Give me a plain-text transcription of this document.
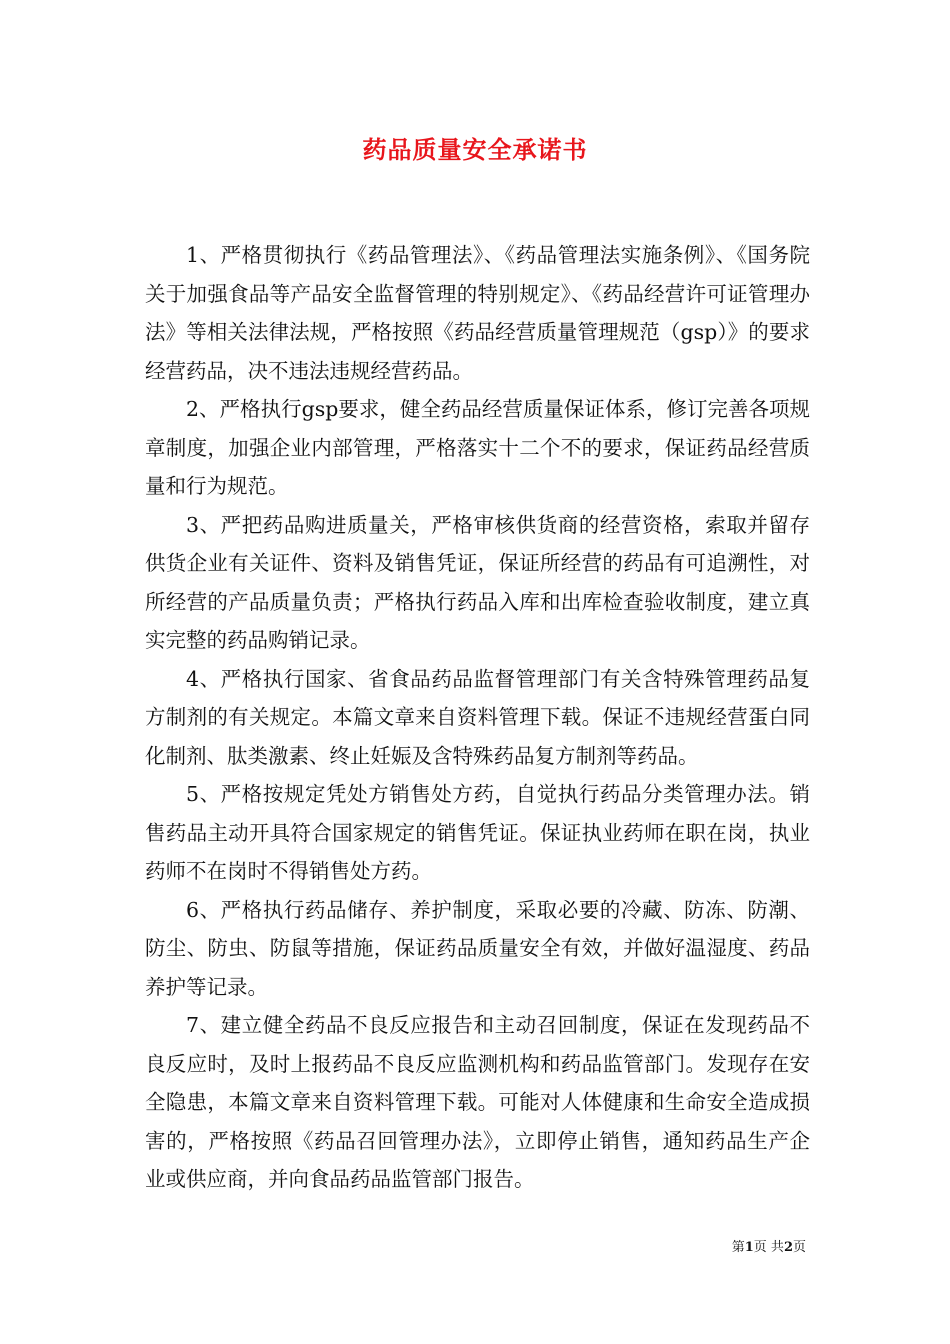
药品质量安全承诺书

1、严格贯彻执行《药品管理法》、《药品管理法实施条例》、《国务院关于加强食品等产品安全监督管理的特别规定》、《药品经营许可证管理办法》等相关法律法规，严格按照《药品经营质量管理规范（gsp）》的要求经营药品，决不违法违规经营药品。

2、严格执行gsp要求，健全药品经营质量保证体系，修订完善各项规章制度，加强企业内部管理，严格落实十二个不的要求，保证药品经营质量和行为规范。

3、严把药品购进质量关，严格审核供货商的经营资格，索取并留存供货企业有关证件、资料及销售凭证，保证所经营的药品有可追溯性，对所经营的产品质量负责；严格执行药品入库和出库检查验收制度，建立真实完整的药品购销记录。

4、严格执行国家、省食品药品监督管理部门有关含特殊管理药品复方制剂的有关规定。本篇文章来自资料管理下载。保证不违规经营蛋白同化制剂、肽类激素、终止妊娠及含特殊药品复方制剂等药品。

5、严格按规定凭处方销售处方药，自觉执行药品分类管理办法。销售药品主动开具符合国家规定的销售凭证。保证执业药师在职在岗，执业药师不在岗时不得销售处方药。

6、严格执行药品储存、养护制度，采取必要的冷藏、防冻、防潮、防尘、防虫、防鼠等措施，保证药品质量安全有效，并做好温湿度、药品养护等记录。

7、建立健全药品不良反应报告和主动召回制度，保证在发现药品不良反应时，及时上报药品不良反应监测机构和药品监管部门。发现存在安全隐患，本篇文章来自资料管理下载。可能对人体健康和生命安全造成损害的，严格按照《药品召回管理办法》，立即停止销售，通知药品生产企业或供应商，并向食品药品监管部门报告。

第1页 共2页
